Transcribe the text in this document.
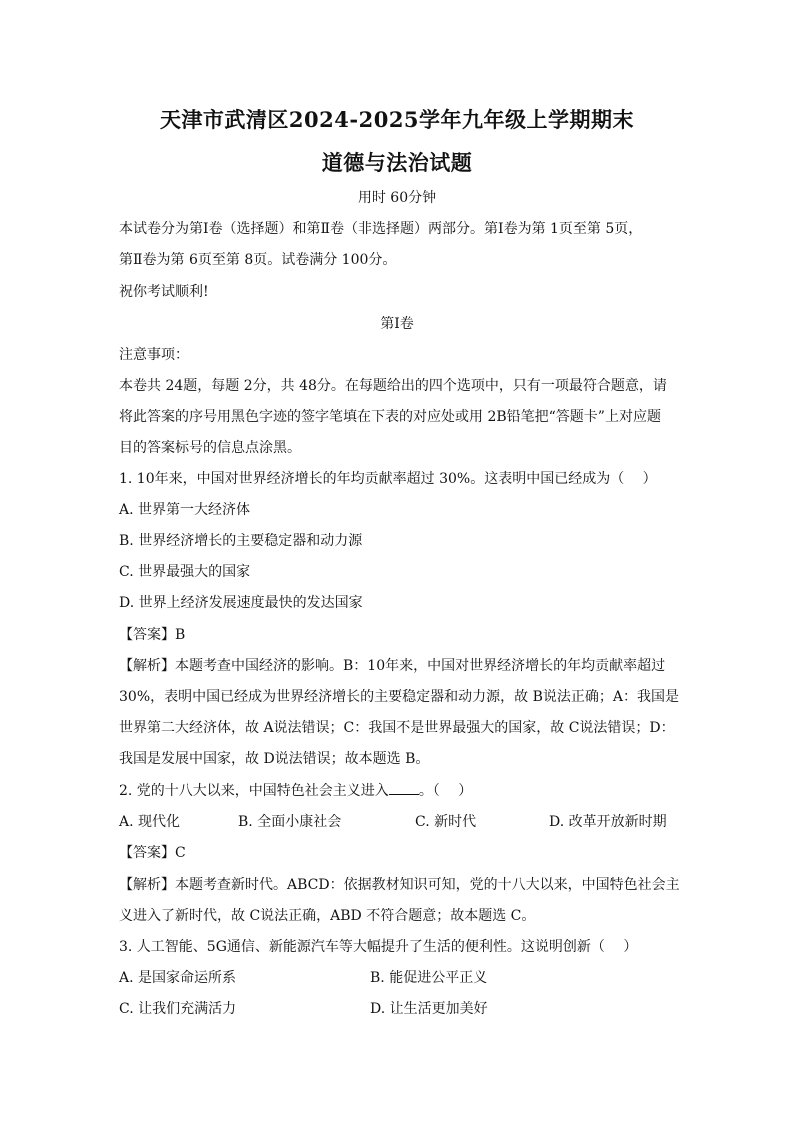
天津市武清区2024-2025学年九年级上学期期末
道德与法治试题
用时 60分钟
本试卷分为第Ⅰ卷（选择题）和第Ⅱ卷（非选择题）两部分。第Ⅰ卷为第 1页至第 5页，
第Ⅱ卷为第 6页至第 8页。试卷满分 100分。
祝你考试顺利!
第Ⅰ卷
注意事项：
本卷共 24题，每题 2分，共 48分。在每题给出的四个选项中，只有一项最符合题意，请
将此答案的序号用黑色字迹的签字笔填在下表的对应处或用 2B铅笔把“答题卡”上对应题
目的答案标号的信息点涂黑。
1. 10年来，中国对世界经济增长的年均贡献率超过 30%。这表明中国已经成为（　 ）
A. 世界第一大经济体
B. 世界经济增长的主要稳定器和动力源
C. 世界最强大的国家
D. 世界上经济发展速度最快的发达国家
【答案】B
【解析】本题考查中国经济的影响。B：10年来，中国对世界经济增长的年均贡献率超过
30%，表明中国已经成为世界经济增长的主要稳定器和动力源，故 B说法正确；A：我国是
世界第二大经济体，故 A说法错误；C：我国不是世界最强大的国家，故 C说法错误；D：
我国是发展中国家，故 D说法错误；故本题选 B。
2. 党的十八大以来，中国特色社会主义进入 。（　 ）
A. 现代化	B. 全面小康社会	C. 新时代	D. 改革开放新时期
【答案】C
【解析】本题考查新时代。ABCD：依据教材知识可知，党的十八大以来，中国特色社会主
义进入了新时代，故 C说法正确，ABD 不符合题意；故本题选 C。
3. 人工智能、5G通信、新能源汽车等大幅提升了生活的便利性。这说明创新（　 ）
A. 是国家命运所系	B. 能促进公平正义
C. 让我们充满活力	D. 让生活更加美好
